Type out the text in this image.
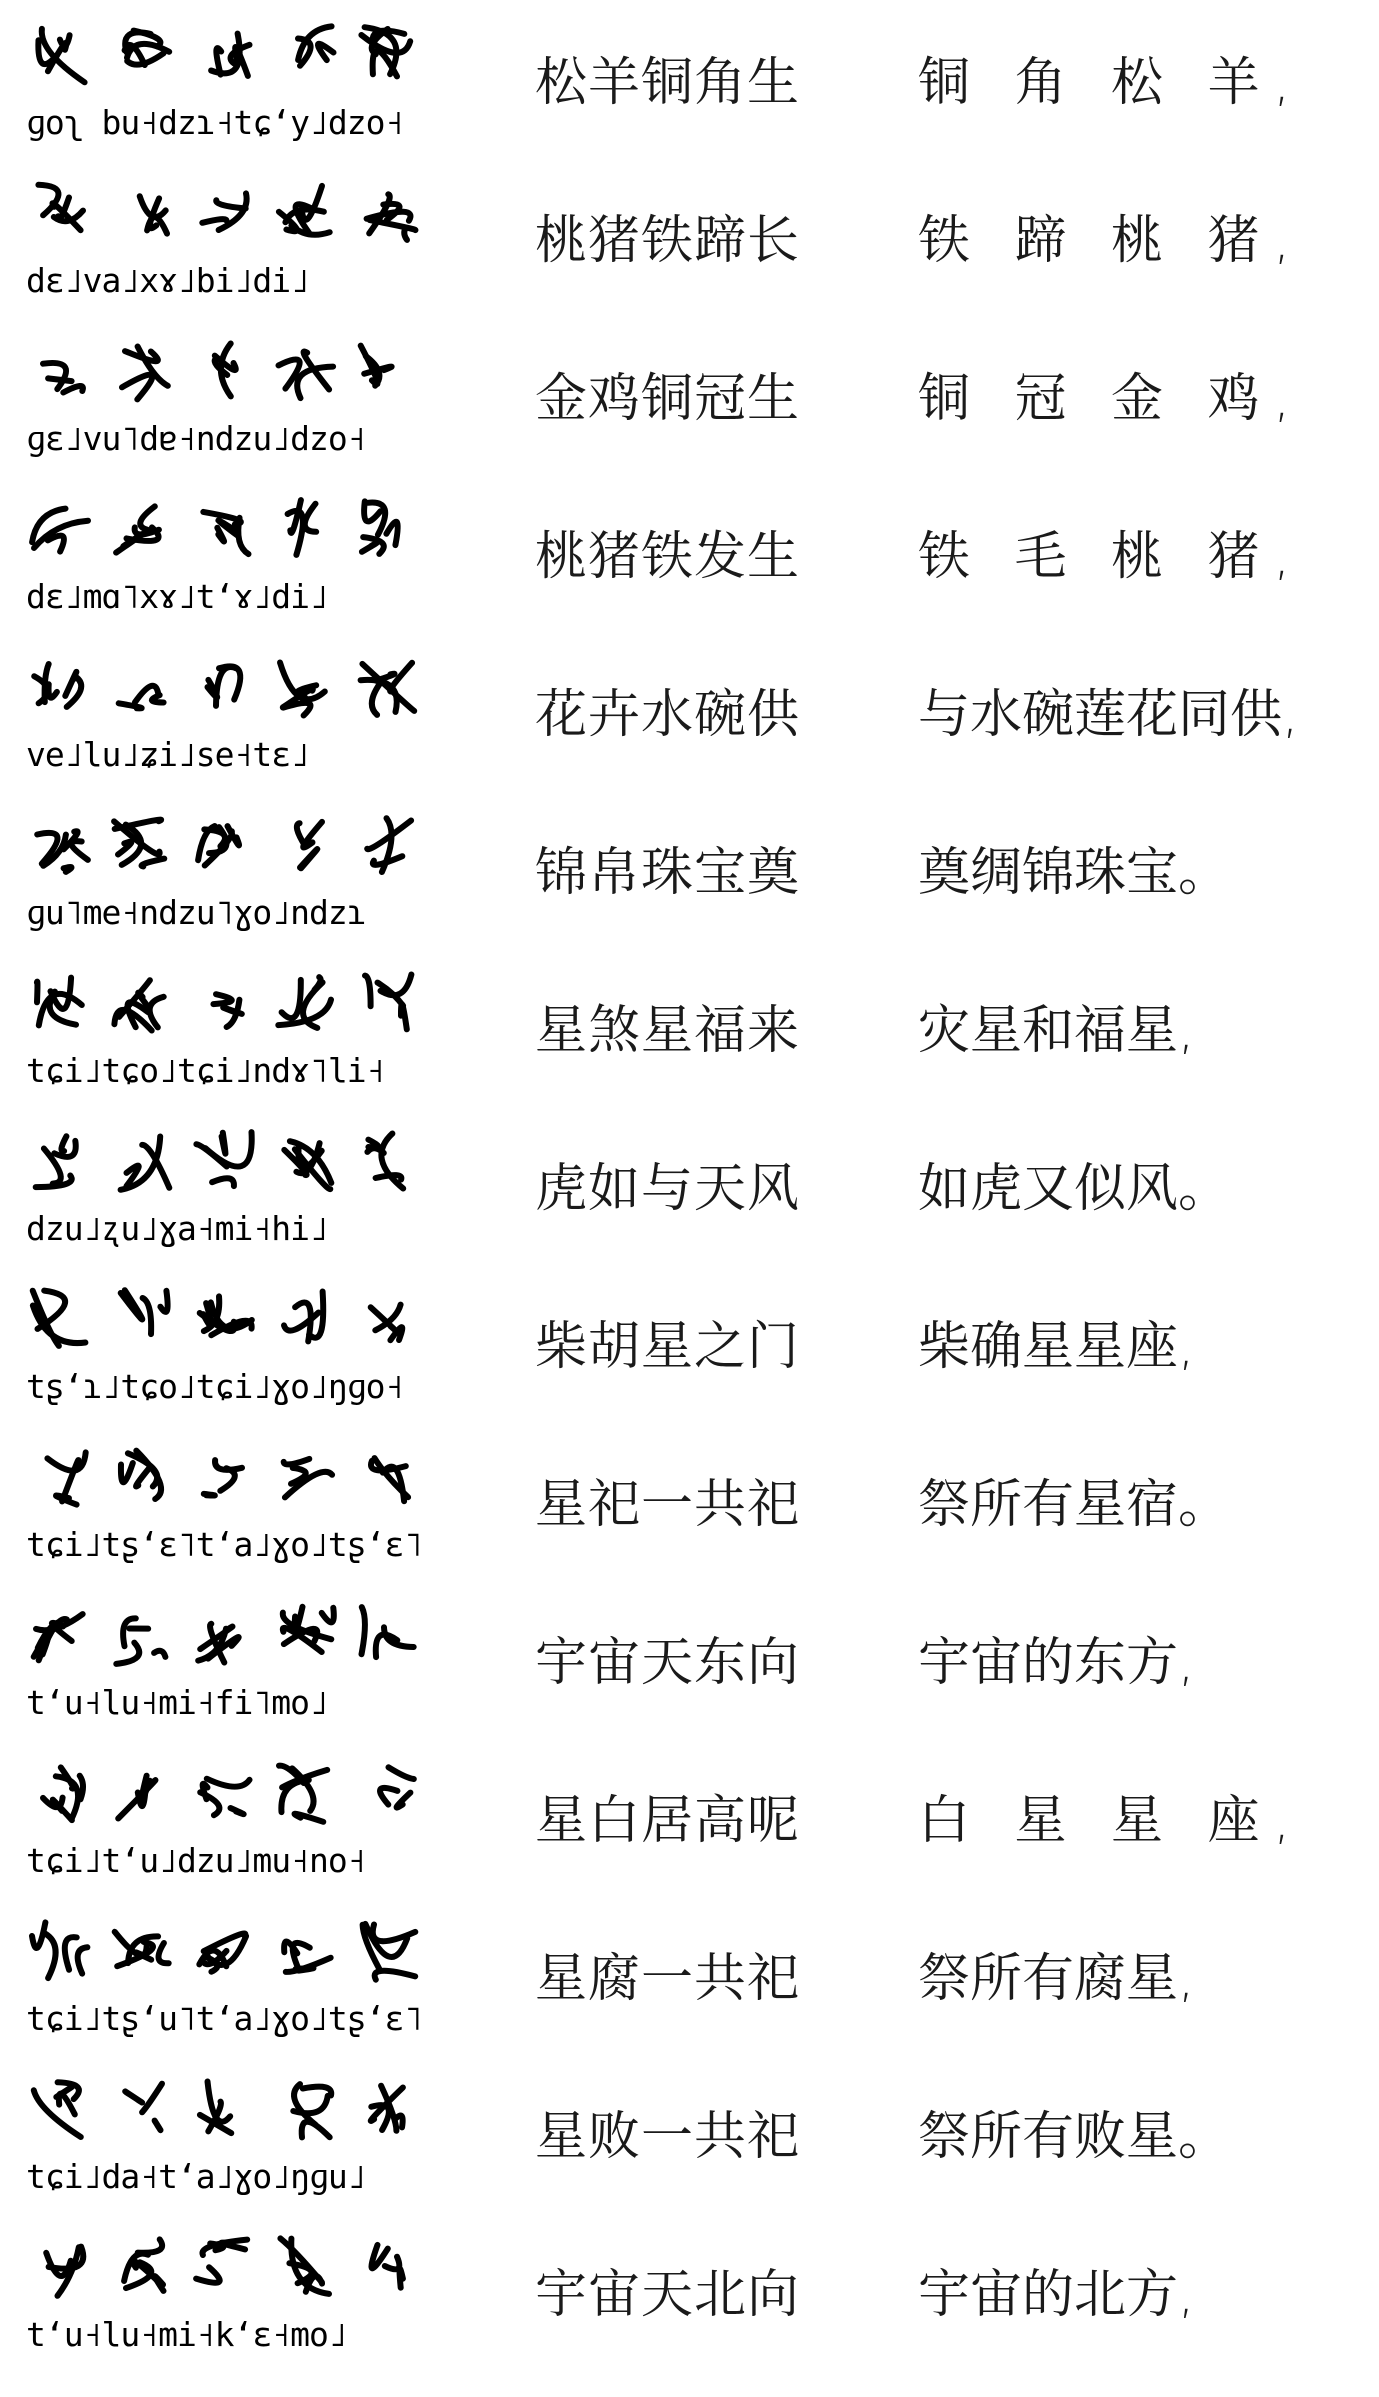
ɡoʅ bu˧dzɿ˧tɕʻy˩dzo˧
松羊铜角生 铜 角 松 羊,
dɛ˩va˩xɤ˩bi˩di˩
桃猪铁蹄长 铁 蹄 桃 猪,
ɡɛ˩vu˥dɐ˧ndzu˩dzo˧
金鸡铜冠生 铜 冠 金 鸡,
dɛ˩mɑ˥xɤ˩tʻɤ˩di˩
桃猪铁发生 铁 毛 桃 猪,
ve˩lu˩ʑi˩se˧tɛ˩
花卉水碗供 与水碗莲花同供,
ɡu˥me˧ndzu˥ɣo˩ndzɿ
锦帛珠宝奠 奠绸锦珠宝。
tɕi˩tɕo˩tɕi˩ndɤ˥li˧
星煞星福来 灾星和福星,
dzu˩ʐu˩ɣa˧mi˧hi˩
虎如与天风 如虎又似风。
tʂʻɿ˩tɕo˩tɕi˩ɣo˩ŋɡo˧
柴胡星之门 柴确星星座,
tɕi˩tʂʻɛ˥tʻa˩ɣo˩tʂʻɛ˥
星祀一共祀 祭所有星宿。
tʻu˧lu˧mi˧fi˥mo˩
宇宙天东向 宇宙的东方,
tɕi˩tʻu˩dzu˩mu˧no˧
星白居高呢 白 星 星 座,
tɕi˩tʂʻu˥tʻa˩ɣo˩tʂʻɛ˥
星腐一共祀 祭所有腐星,
tɕi˩da˧tʻa˩ɣo˩ŋɡu˩
星败一共祀 祭所有败星。
tʻu˧lu˧mi˧kʻɛ˧mo˩
宇宙天北向 宇宙的北方,
